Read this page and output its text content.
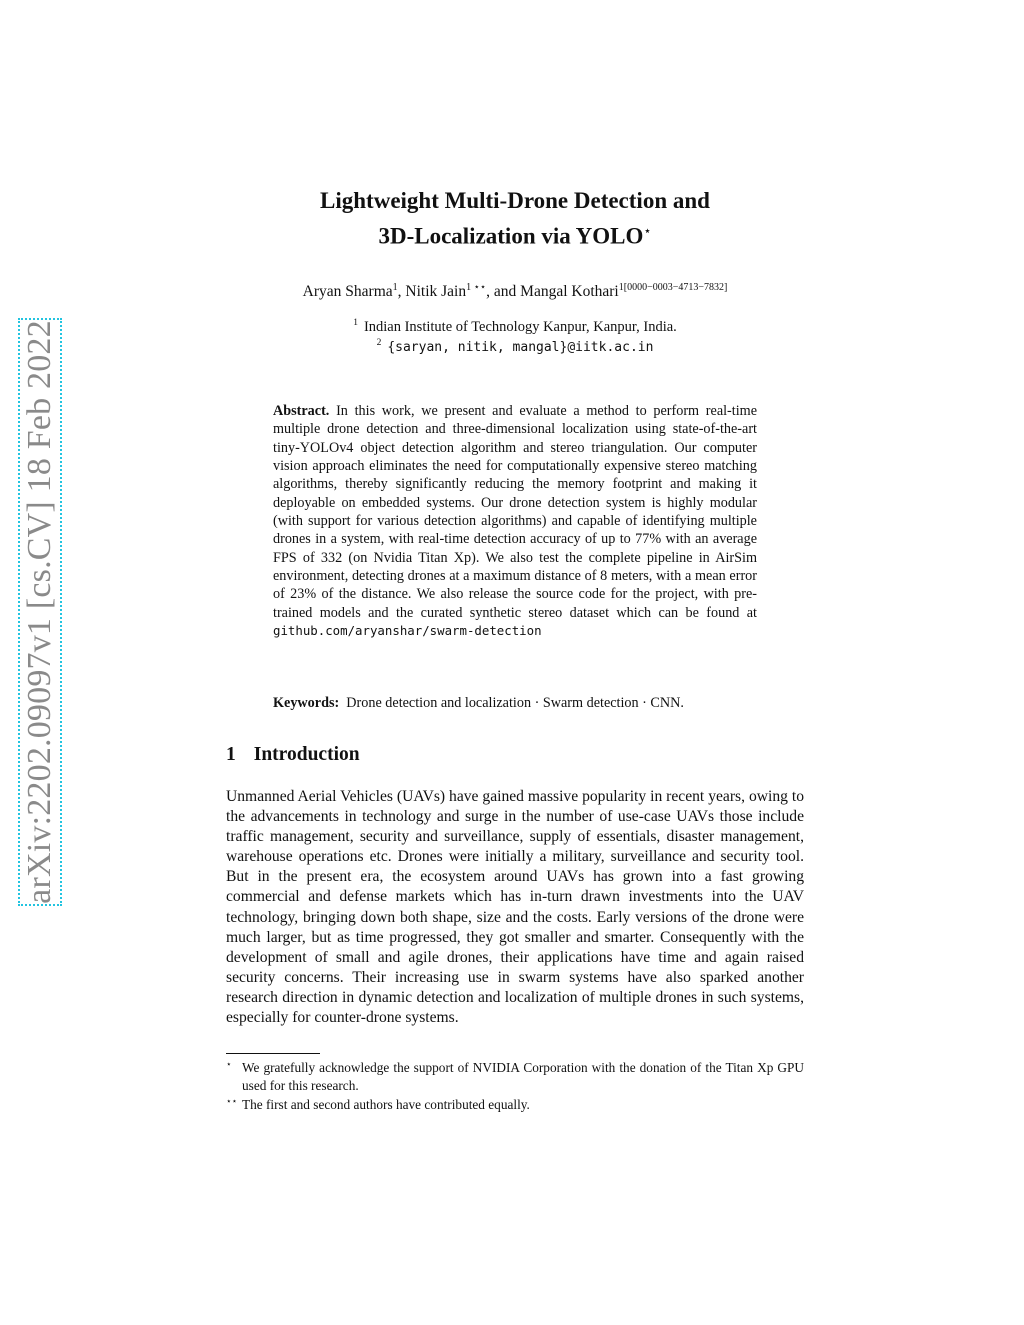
arXiv:2202.09097v1 [cs.CV] 18 Feb 2022
Lightweight Multi-Drone Detection and
3D-Localization via YOLO⋆
Aryan Sharma$^1$, Nitik Jain$^{1 ⋆⋆}$, and Mangal Kothari$^{1[0000-0003-4713-7832]}$
$^1$ Indian Institute of Technology Kanpur, Kanpur, India.
$^2$ {saryan, nitik, mangal}@iitk.ac.in
Abstract. In this work, we present and evaluate a method to perform real-time multiple drone detection and three-dimensional localization using state-of-the-art tiny-YOLOv4 object detection algorithm and stereo triangulation. Our computer vision approach eliminates the need for computationally expensive stereo matching algorithms, thereby significantly reducing the memory footprint and making it deployable on embedded systems. Our drone detection system is highly modular (with support for various detection algorithms) and capable of identifying multiple drones in a system, with real-time detection accuracy of up to 77% with an average FPS of 332 (on Nvidia Titan Xp). We also test the complete pipeline in AirSim environment, detecting drones at a maximum distance of 8 meters, with a mean error of 23% of the distance. We also release the source code for the project, with pre-trained models and the curated synthetic stereo dataset which can be found at github.com/aryanshar/swarm-detection
Keywords: Drone detection and localization · Swarm detection · CNN.
1 Introduction
Unmanned Aerial Vehicles (UAVs) have gained massive popularity in recent years, owing to the advancements in technology and surge in the number of use-case UAVs those include traffic management, security and surveillance, supply of essentials, disaster management, warehouse operations etc. Drones were initially a military, surveillance and security tool. But in the present era, the ecosystem around UAVs has grown into a fast growing commercial and defense markets which has in-turn drawn investments into the UAV technology, bringing down both shape, size and the costs. Early versions of the drone were much larger, but as time progressed, they got smaller and smarter. Consequently with the development of small and agile drones, their applications have time and again raised security concerns. Their increasing use in swarm systems have also sparked another research direction in dynamic detection and localization of multiple drones in such systems, especially for counter-drone systems.
⋆ We gratefully acknowledge the support of NVIDIA Corporation with the donation of the Titan Xp GPU used for this research.
⋆⋆ The first and second authors have contributed equally.
